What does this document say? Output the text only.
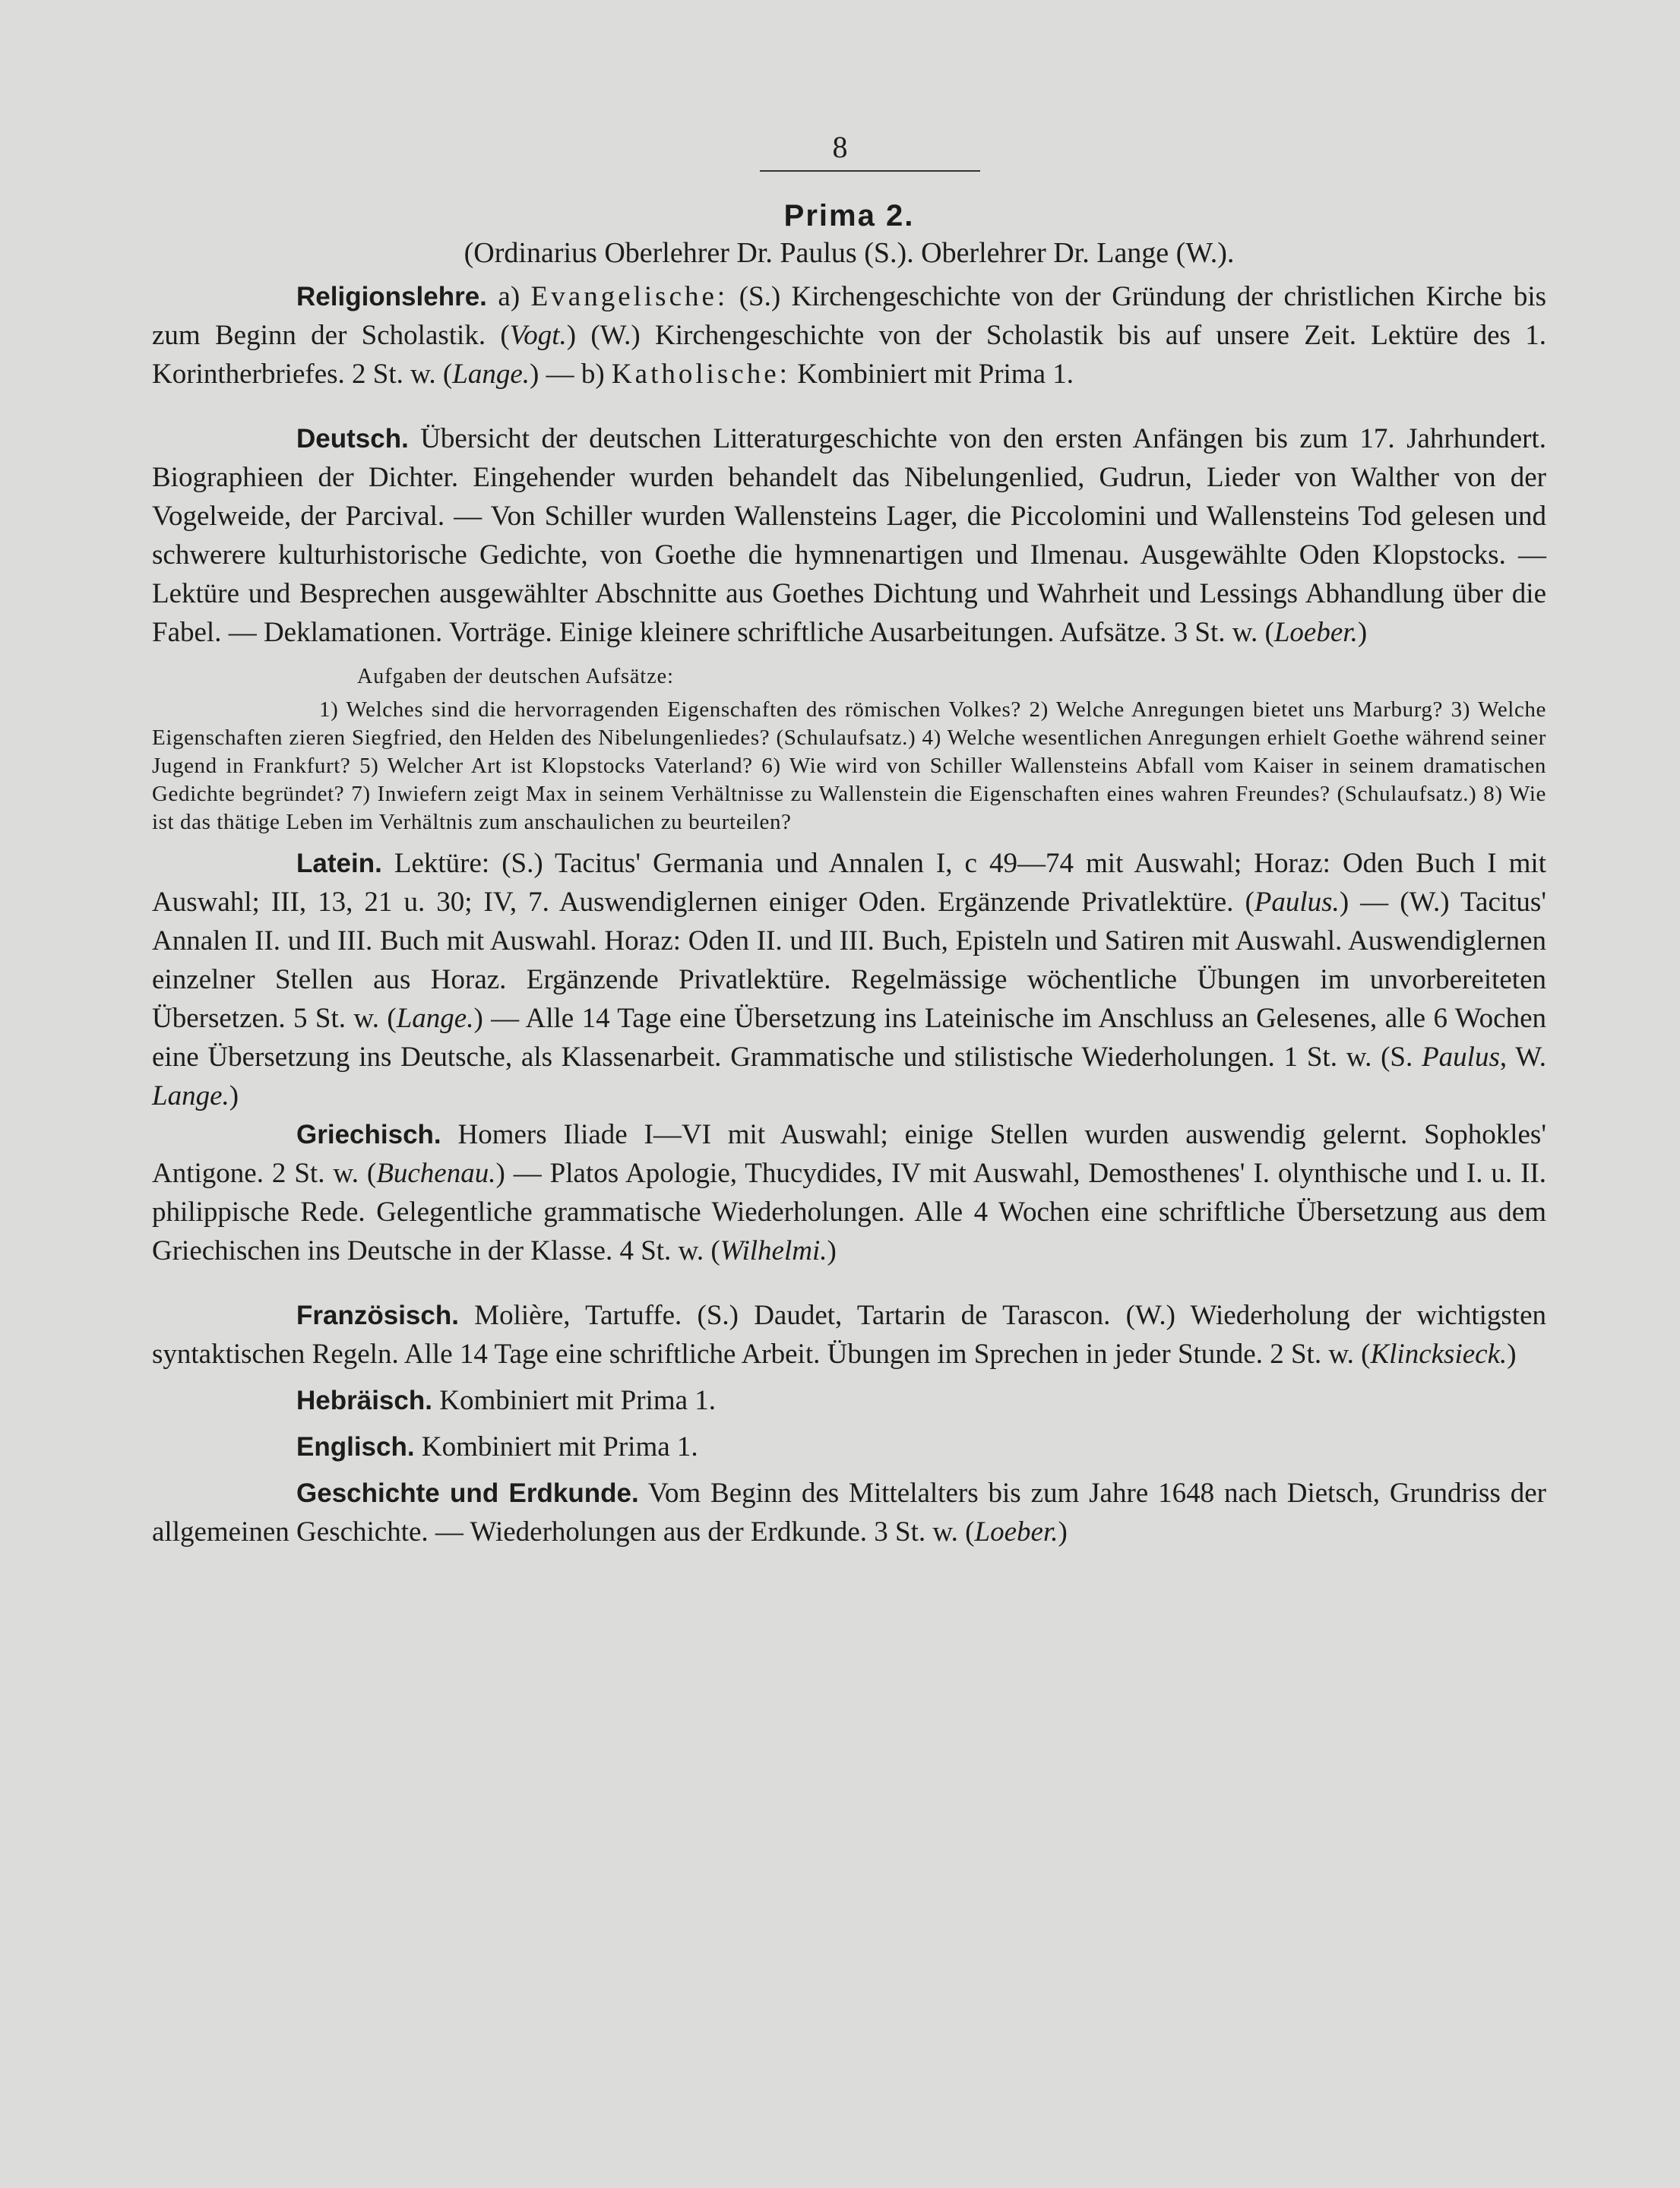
8
Prima 2.
(Ordinarius Oberlehrer Dr. Paulus (S.). Oberlehrer Dr. Lange (W.).

Religionslehre. a) Evangelische: (S.) Kirchengeschichte von der Gründung der christlichen Kirche bis zum Beginn der Scholastik. (Vogt.) (W.) Kirchengeschichte von der Scholastik bis auf unsere Zeit. Lektüre des 1. Korintherbriefes. 2 St. w. (Lange.) — b) Katholische: Kombiniert mit Prima 1.

Deutsch. Übersicht der deutschen Litteraturgeschichte von den ersten Anfängen bis zum 17. Jahrhundert. Biographieen der Dichter. Eingehender wurden behandelt das Nibelungenlied, Gudrun, Lieder von Walther von der Vogelweide, der Parcival. — Von Schiller wurden Wallensteins Lager, die Piccolomini und Wallensteins Tod gelesen und schwerere kulturhistorische Gedichte, von Goethe die hymnenartigen und Ilmenau. Ausgewählte Oden Klopstocks. — Lektüre und Besprechen ausgewählter Abschnitte aus Goethes Dichtung und Wahrheit und Lessings Abhandlung über die Fabel. — Deklamationen. Vorträge. Einige kleinere schriftliche Ausarbeitungen. Aufsätze. 3 St. w. (Loeber.)

Aufgaben der deutschen Aufsätze:

1) Welches sind die hervorragenden Eigenschaften des römischen Volkes? 2) Welche Anregungen bietet uns Marburg? 3) Welche Eigenschaften zieren Siegfried, den Helden des Nibelungenliedes? (Schulaufsatz.) 4) Welche wesentlichen Anregungen erhielt Goethe während seiner Jugend in Frankfurt? 5) Welcher Art ist Klopstocks Vaterland? 6) Wie wird von Schiller Wallensteins Abfall vom Kaiser in seinem dramatischen Gedichte begründet? 7) Inwiefern zeigt Max in seinem Verhältnisse zu Wallenstein die Eigenschaften eines wahren Freundes? (Schulaufsatz.) 8) Wie ist das thätige Leben im Verhältnis zum anschaulichen zu beurteilen?

Latein. Lektüre: (S.) Tacitus' Germania und Annalen I, c 49—74 mit Auswahl; Horaz: Oden Buch I mit Auswahl; III, 13, 21 u. 30; IV, 7. Auswendiglernen einiger Oden. Ergänzende Privatlektüre. (Paulus.) — (W.) Tacitus' Annalen II. und III. Buch mit Auswahl. Horaz: Oden II. und III. Buch, Episteln und Satiren mit Auswahl. Auswendiglernen einzelner Stellen aus Horaz. Ergänzende Privatlektüre. Regelmässige wöchentliche Übungen im unvorbereiteten Übersetzen. 5 St. w. (Lange.) — Alle 14 Tage eine Übersetzung ins Lateinische im Anschluss an Gelesenes, alle 6 Wochen eine Übersetzung ins Deutsche, als Klassenarbeit. Grammatische und stilistische Wiederholungen. 1 St. w. (S. Paulus, W. Lange.)

Griechisch. Homers Iliade I—VI mit Auswahl; einige Stellen wurden auswendig gelernt. Sophokles' Antigone. 2 St. w. (Buchenau.) — Platos Apologie, Thucydides, IV mit Auswahl, Demosthenes' I. olynthische und I. u. II. philippische Rede. Gelegentliche grammatische Wiederholungen. Alle 4 Wochen eine schriftliche Übersetzung aus dem Griechischen ins Deutsche in der Klasse. 4 St. w. (Wilhelmi.)

Französisch. Molière, Tartuffe. (S.) Daudet, Tartarin de Tarascon. (W.) Wiederholung der wichtigsten syntaktischen Regeln. Alle 14 Tage eine schriftliche Arbeit. Übungen im Sprechen in jeder Stunde. 2 St. w. (Klincksieck.)

Hebräisch. Kombiniert mit Prima 1.

Englisch. Kombiniert mit Prima 1.

Geschichte und Erdkunde. Vom Beginn des Mittelalters bis zum Jahre 1648 nach Dietsch, Grundriss der allgemeinen Geschichte. — Wiederholungen aus der Erdkunde. 3 St. w. (Loeber.)
